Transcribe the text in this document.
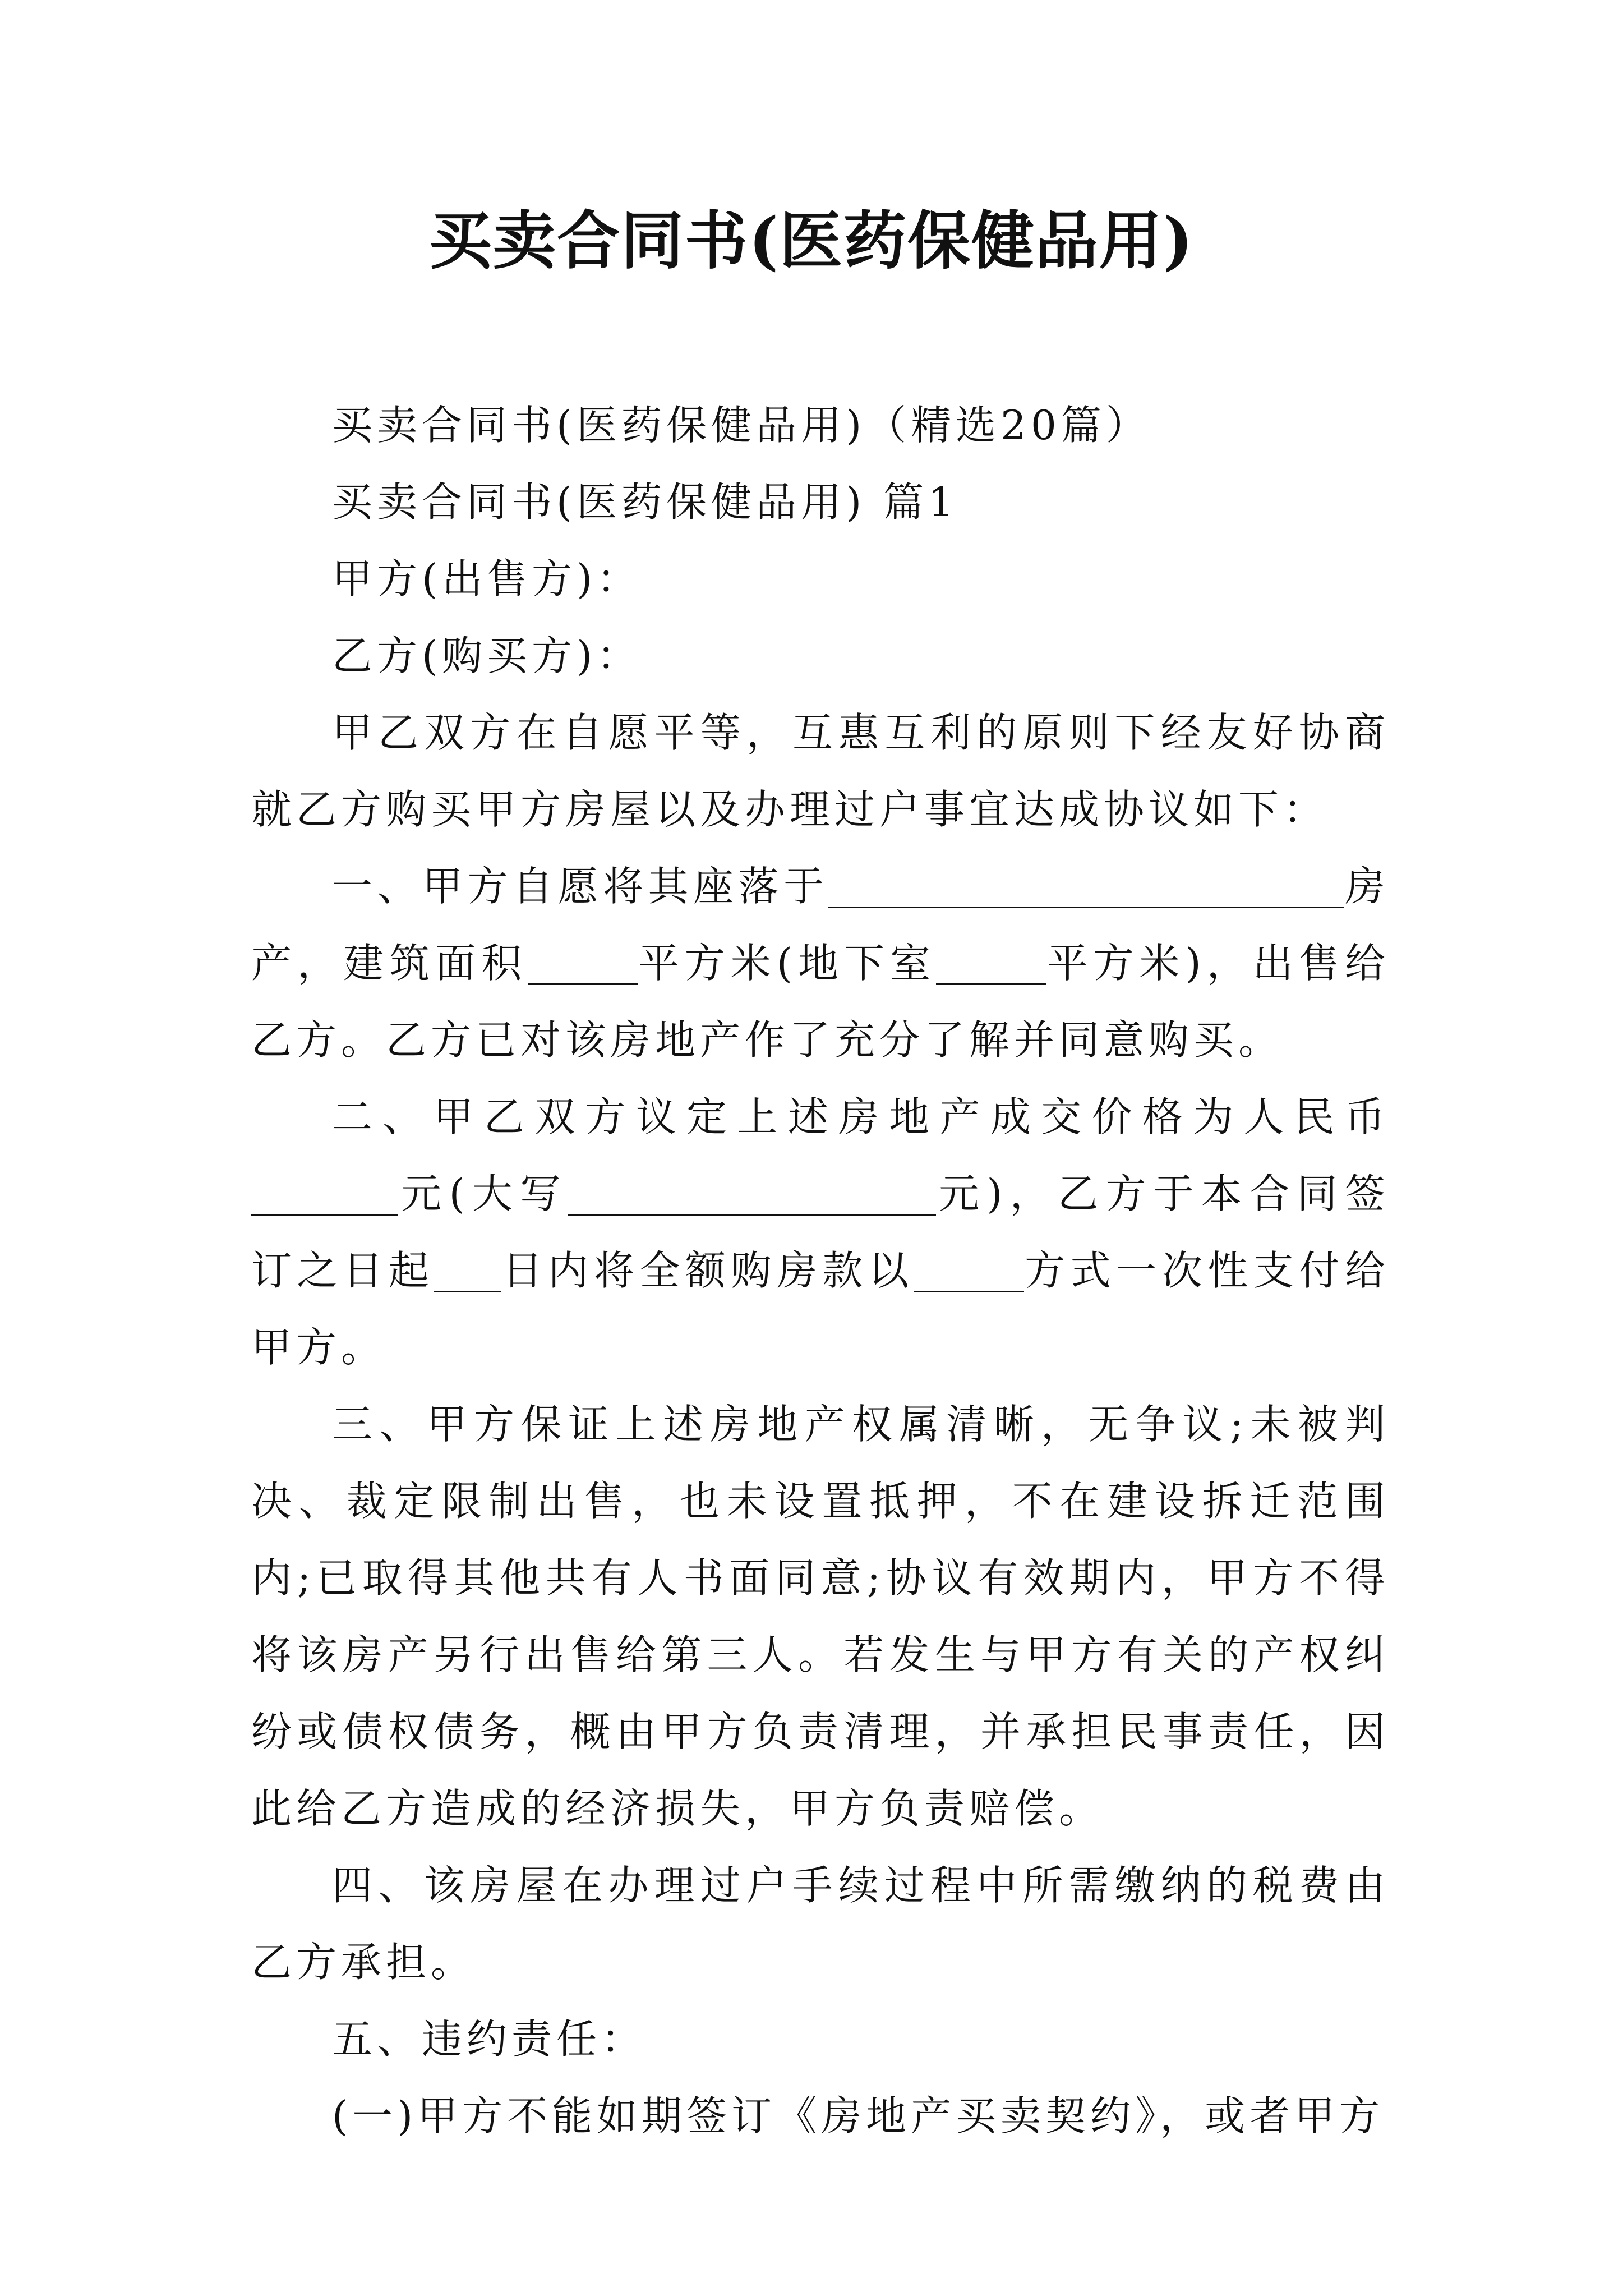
买卖合同书(医药保健品用)

买卖合同书(医药保健品用)（精选20篇）

买卖合同书(医药保健品用) 篇1

甲方(出售方)：

乙方(购买方)：

甲乙双方在自愿平等，互惠互利的原则下经友好协商就乙方购买甲方房屋以及办理过户事宜达成协议如下：

一、甲方自愿将其座落于	房产，建筑面积	平方米(地下室	平方米)，出售给乙方。乙方已对该房地产作了充分了解并同意购买。

二、甲乙双方议定上述房地产成交价格为人民币元(大写	元)，乙方于本合同签订之日起 日内将全额购房款以	方式一次性支付给甲方。

三、甲方保证上述房地产权属清晰，无争议;未被判决、裁定限制出售，也未设置抵押，不在建设拆迁范围内;已取得其他共有人书面同意;协议有效期内，甲方不得将该房产另行出售给第三人。若发生与甲方有关的产权纠纷或债权债务，概由甲方负责清理，并承担民事责任，因此给乙方造成的经济损失，甲方负责赔偿。

四、该房屋在办理过户手续过程中所需缴纳的税费由乙方承担。

五、违约责任：

(一)甲方不能如期签订《房地产买卖契约》，或者甲方
